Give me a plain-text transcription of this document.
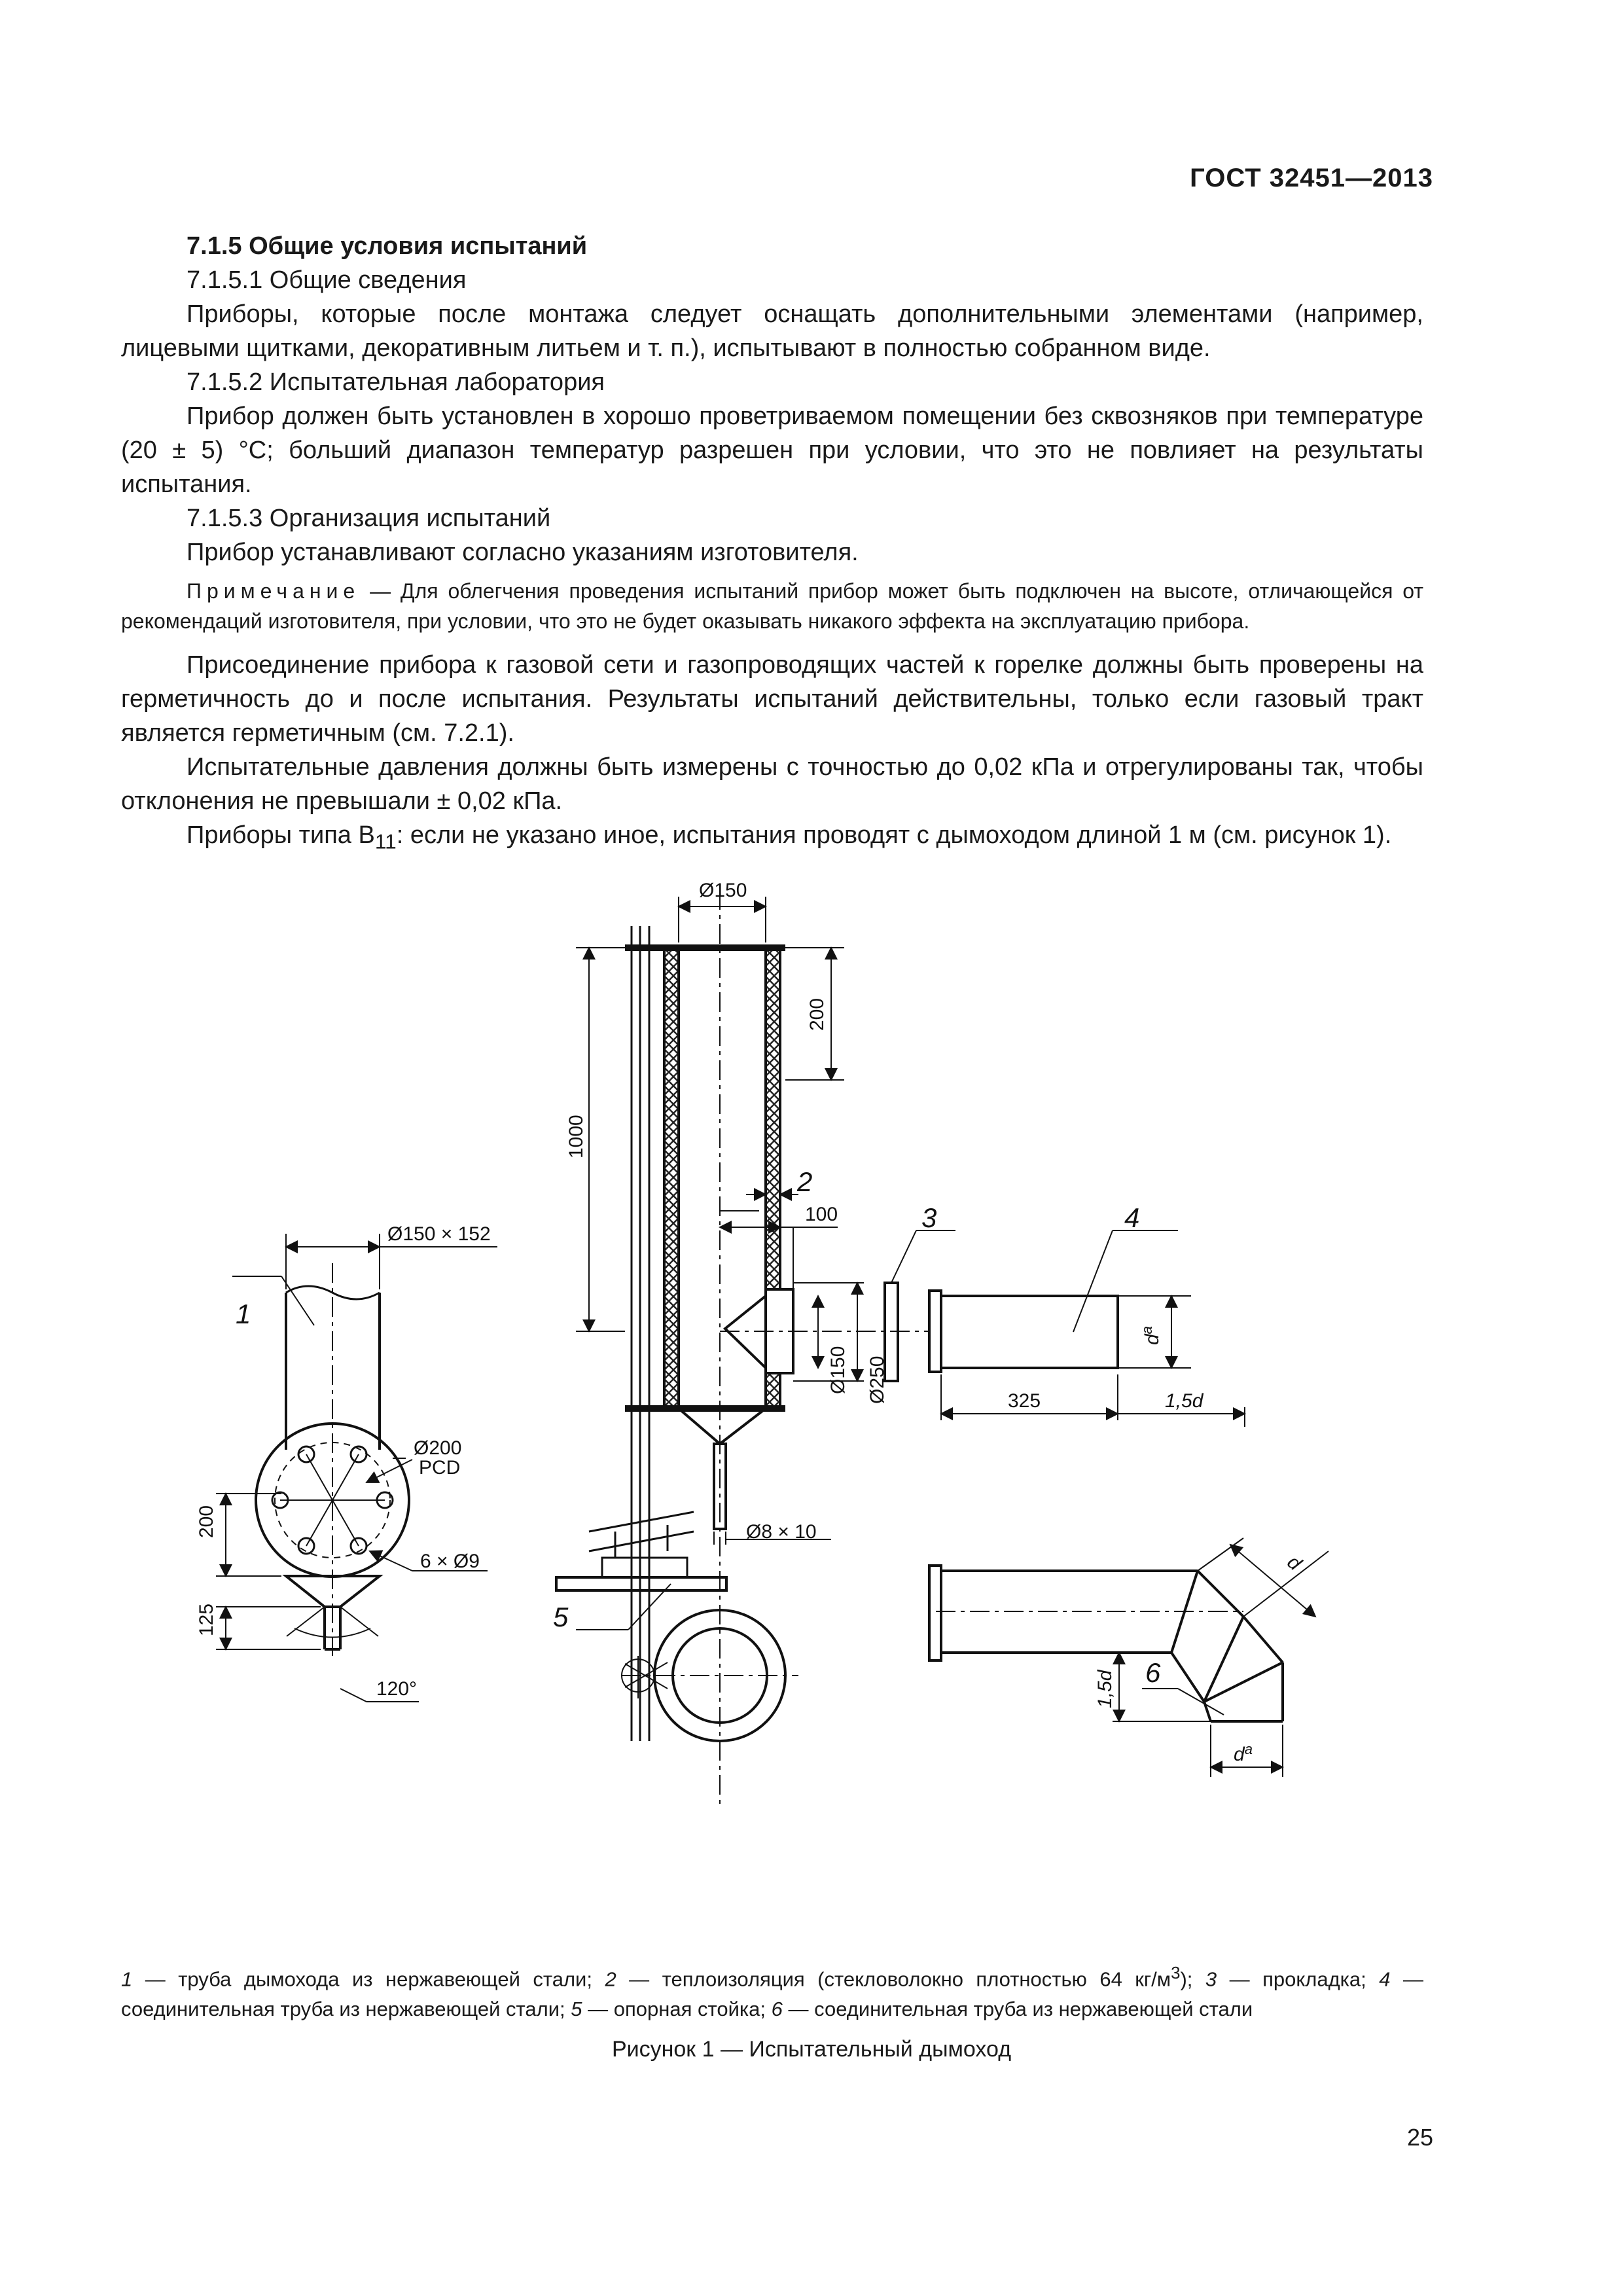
ГОСТ 32451—2013

7.1.5 Общие условия испытаний

7.1.5.1 Общие сведения

Приборы, которые после монтажа следует оснащать дополнительными элементами (например, лицевыми щитками, декоративным литьем и т. п.), испытывают в полностью собранном виде.

7.1.5.2 Испытательная лаборатория

Прибор должен быть установлен в хорошо проветриваемом помещении без сквозняков при температуре (20 ± 5) °С; больший диапазон температур разрешен при условии, что это не повлияет на результаты испытания.

7.1.5.3 Организация испытаний

Прибор устанавливают согласно указаниям изготовителя.

Примечание — Для облегчения проведения испытаний прибор может быть подключен на высоте, отличающейся от рекомендаций изготовителя, при условии, что это не будет оказывать никакого эффекта на эксплуатацию прибора.

Присоединение прибора к газовой сети и газопроводящих частей к горелке должны быть проверены на герметичность до и после испытания. Результаты испытаний действительны, только если газовый тракт является герметичным (см. 7.2.1).

Испытательные давления должны быть измерены с точностью до 0,02 кПа и отрегулированы так, чтобы отклонения не превышали ± 0,02 кПа.

Приборы типа $В_{11}$: если не указано иное, испытания проводят с дымоходом длиной 1 м (см. рисунок 1).

Ø150 × 152
Ø200
PCD
6 × Ø9
200
125
120°
1
Ø150
200
1000
100
Ø150 Ø250
Ø8 × 10
2
5
325	1,5d
$d^a$
3	4
d
1,5d
$d^a$
6

1 — труба дымохода из нержавеющей стали; 2 — теплоизоляция (стекловолокно плотностью 64 $кг/м^3$); 3 — прокладка; 4 — соединительная труба из нержавеющей стали; 5 — опорная стойка; 6 — соединительная труба из нержавеющей стали

Рисунок 1 — Испытательный дымоход
25
